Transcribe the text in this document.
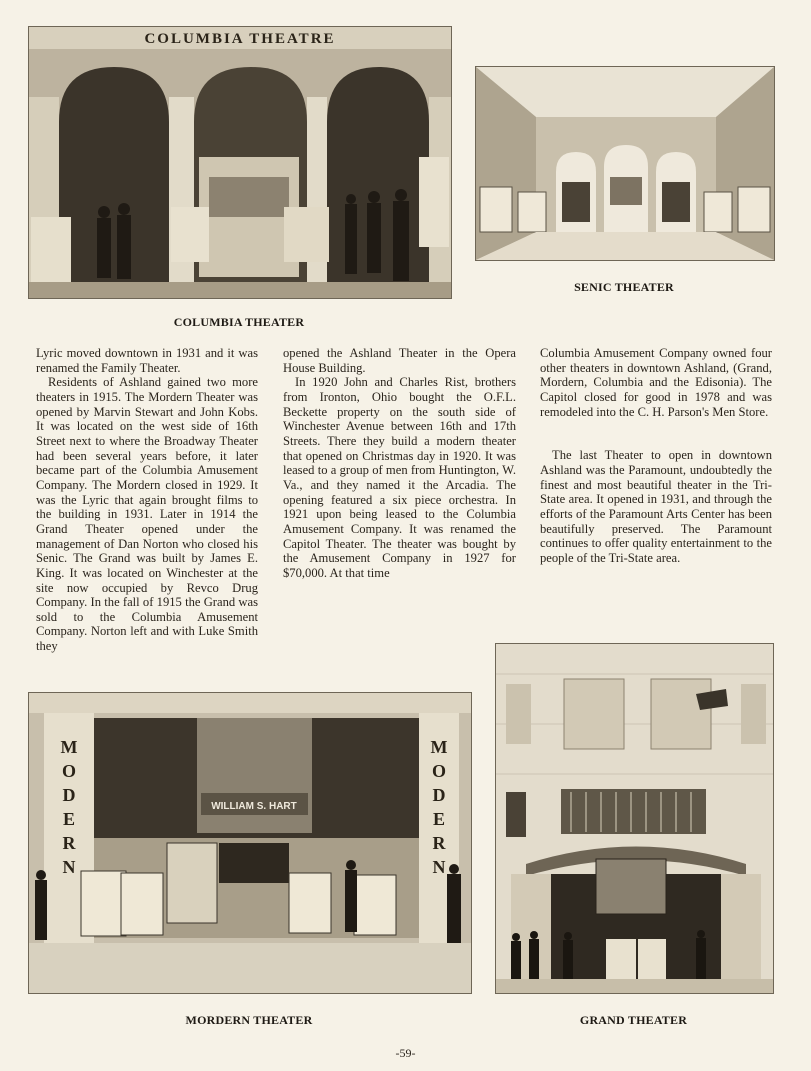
COLUMBIA THEATRE
COLUMBIA THEATER
SENIC THEATER

Lyric moved downtown in 1931 and it was renamed the Family Theater.

Residents of Ashland gained two more theaters in 1915. The Mordern Theater was opened by Marvin Stewart and John Kobs. It was located on the west side of 16th Street next to where the Broadway Theater had been several years before, it later became part of the Columbia Amusement Company. The Mordern closed in 1929. It was the Lyric that again brought films to the building in 1931. Later in 1914 the Grand Theater opened under the management of Dan Norton who closed his Senic. The Grand was built by James E. King. It was located on Winchester at the site now occupied by Revco Drug Company. In the fall of 1915 the Grand was sold to the Columbia Amusement Company. Norton left and with Luke Smith they

opened the Ashland Theater in the Opera House Building.

In 1920 John and Charles Rist, brothers from Ironton, Ohio bought the O.F.L. Beckette property on the south side of Winchester Avenue between 16th and 17th Streets. There they build a modern theater that opened on Christmas day in 1920. It was leased to a group of men from Huntington, W. Va., and they named it the Arcadia. The opening featured a six piece orchestra. In 1921 upon being leased to the Columbia Amusement Company. It was renamed the Capitol Theater. The theater was bought by the Amusement Company in 1927 for $70,000. At that time

Columbia Amusement Company owned four other theaters in downtown Ashland, (Grand, Mordern, Columbia and the Edisonia). The Capitol closed for good in 1978 and was remodeled into the C. H. Parson's Men Store.

The last Theater to open in downtown Ashland was the Paramount, undoubtedly the finest and most beautiful theater in the Tri-State area. It opened in 1931, and through the efforts of the Paramount Arts Center has been beautifully preserved. The Paramount continues to offer quality entertainment to the people of the Tri-State area.

M O D E R N
M O D E R N
WILLIAM S. HART
MORDERN THEATER	GRAND THEATER
-59-
